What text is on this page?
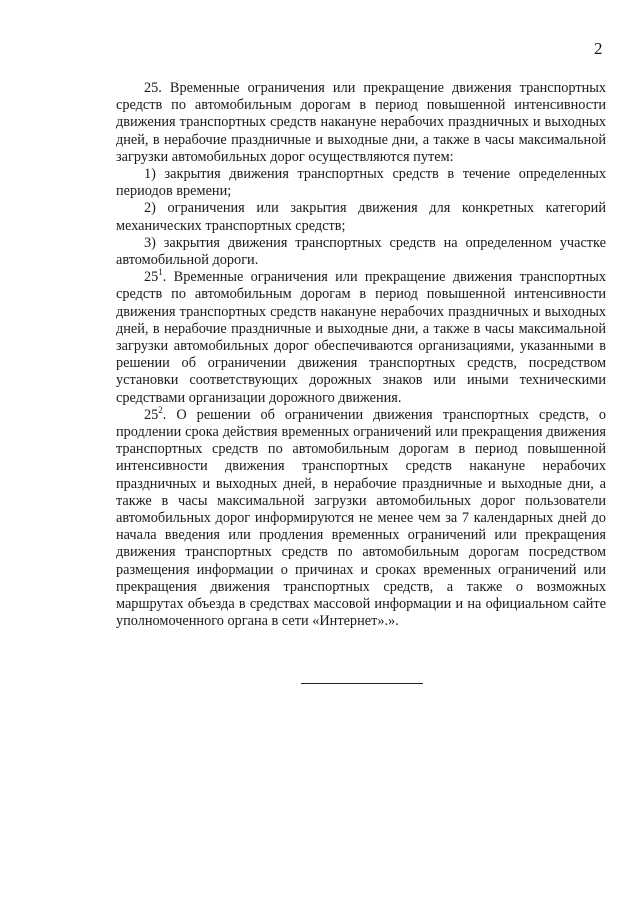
2

25. Временные ограничения или прекращение движения транспортных средств по автомобильным дорогам в период повышенной интенсивности движения транспортных средств накануне нерабочих праздничных и выходных дней, в нерабочие праздничные и выходные дни, а также в часы максимальной загрузки автомобильных дорог осуществляются путем:

1) закрытия движения транспортных средств в течение определенных периодов времени;

2) ограничения или закрытия движения для конкретных категорий механических транспортных средств;

3) закрытия движения транспортных средств на определенном участке автомобильной дороги.

$25^1$. Временные ограничения или прекращение движения транспортных средств по автомобильным дорогам в период повышенной интенсивности движения транспортных средств накануне нерабочих праздничных и выходных дней, в нерабочие праздничные и выходные дни, а также в часы максимальной загрузки автомобильных дорог обеспечиваются организациями, указанными в решении об ограничении движения транспортных средств, посредством установки соответствующих дорожных знаков или иными техническими средствами организации дорожного движения.

$25^2$. О решении об ограничении движения транспортных средств, о продлении срока действия временных ограничений или прекращения движения транспортных средств по автомобильным дорогам в период повышенной интенсивности движения транспортных средств накануне нерабочих праздничных и выходных дней, в нерабочие праздничные и выходные дни, а также в часы максимальной загрузки автомобильных дорог пользователи автомобильных дорог информируются не менее чем за 7 календарных дней до начала введения или продления временных ограничений или прекращения движения транспортных средств по автомобильным дорогам посредством размещения информации о причинах и сроках временных ограничений или прекращения движения транспортных средств, а также о возможных маршрутах объезда в средствах массовой информации и на официальном сайте уполномоченного органа в сети «Интернет».».
